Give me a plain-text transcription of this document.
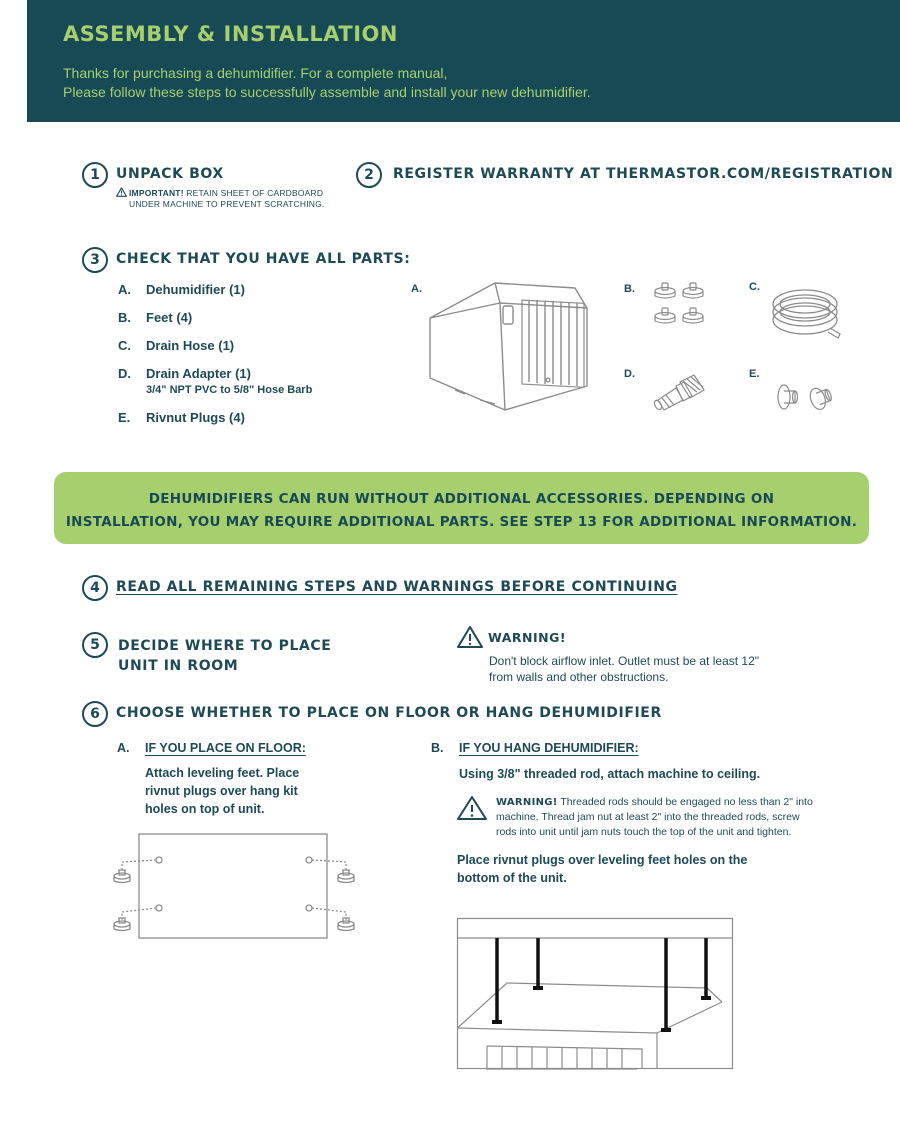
ASSEMBLY & INSTALLATION
Thanks for purchasing a dehumidifier. For a complete manual,
Please follow these steps to successfully assemble and install your new dehumidifier.
1	UNPACK BOX
IMPORTANT! RETAIN SHEET OF CARDBOARD
UNDER MACHINE TO PREVENT SCRATCHING.
2	REGISTER WARRANTY AT THERMASTOR.COM/REGISTRATION
3	CHECK THAT YOU HAVE ALL PARTS:
A. Dehumidifier (1)
B. Feet (4)
C. Drain Hose (1)
D. Drain Adapter (1)
3/4" NPT PVC to 5/8" Hose Barb
E. Rivnut Plugs (4)
A.	B.	C.
D.	E.
DEHUMIDIFIERS CAN RUN WITHOUT ADDITIONAL ACCESSORIES. DEPENDING ON
INSTALLATION, YOU MAY REQUIRE ADDITIONAL PARTS. SEE STEP 13 FOR ADDITIONAL INFORMATION.
4	READ ALL REMAINING STEPS AND WARNINGS BEFORE CONTINUING
5	DECIDE WHERE TO PLACE
UNIT IN ROOM
WARNING!
Don't block airflow inlet. Outlet must be at least 12"
from walls and other obstructions.
6	CHOOSE WHETHER TO PLACE ON FLOOR OR HANG DEHUMIDIFIER
A. IF YOU PLACE ON FLOOR:
Attach leveling feet. Place
rivnut plugs over hang kit
holes on top of unit.
B. IF YOU HANG DEHUMIDIFIER:
Using 3/8" threaded rod, attach machine to ceiling.
WARNING! Threaded rods should be engaged no less than 2" into
machine. Thread jam nut at least 2" into the threaded rods, screw
rods into unit until jam nuts touch the top of the unit and tighten.
Place rivnut plugs over leveling feet holes on the
bottom of the unit.
